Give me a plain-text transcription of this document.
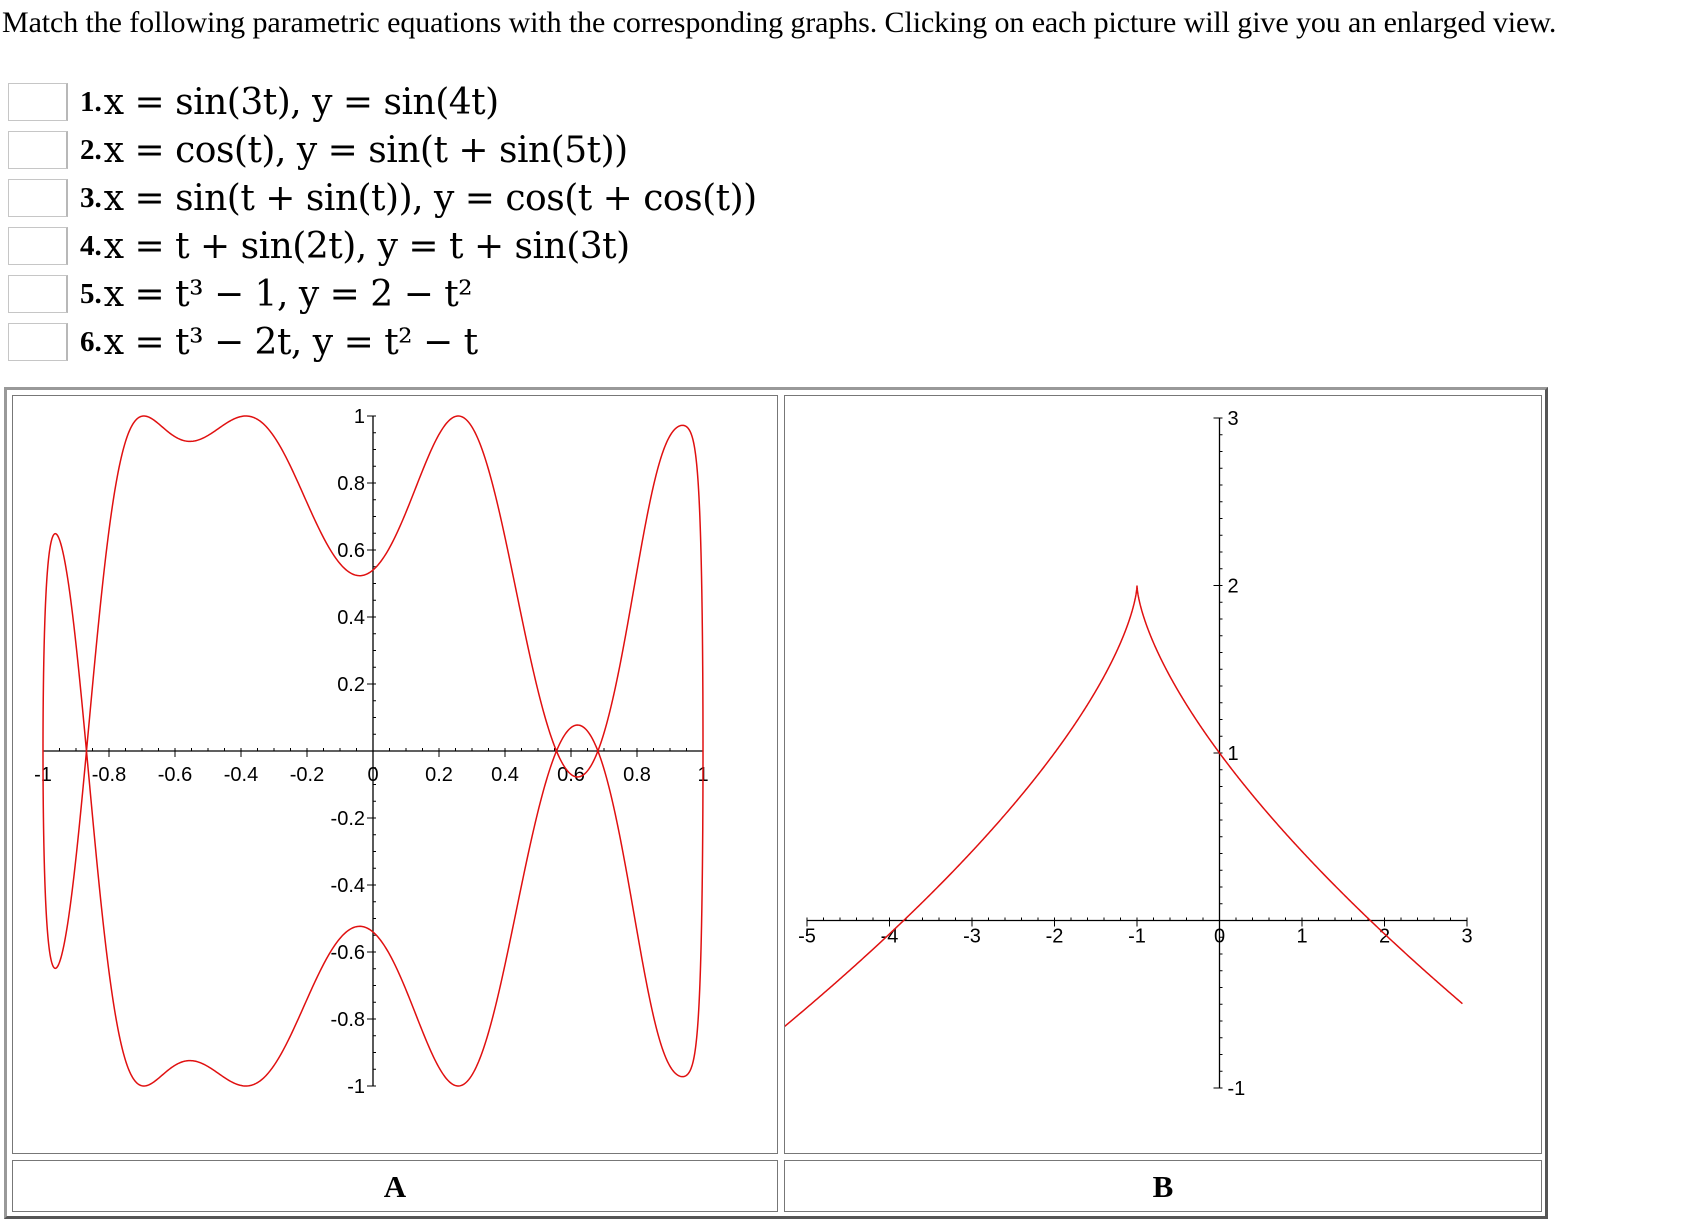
Match the following parametric equations with the corresponding graphs. Clicking on each picture will give you an enlarged view.
1. x = sin(3t), y = sin(4t)
2. x = cos(t), y = sin(t + sin(5t))
3. x = sin(t + sin(t)), y = cos(t + cos(t))
4. x = t + sin(2t), y = t + sin(3t)
5. x = t³ − 1, y = 2 − t²
6. x = t³ − 2t, y = t² − t
-1 -0.8 -0.6 -0.4 -0.2 0 0.2 0.4 0.6 0.8 1
1
0.8
0.6
0.4
0.2
-0.2
-0.4
-0.6
-0.8
-1
-5	-4	-3	-2	-1	0	1	2	3
3
2
1
-1
A	B
